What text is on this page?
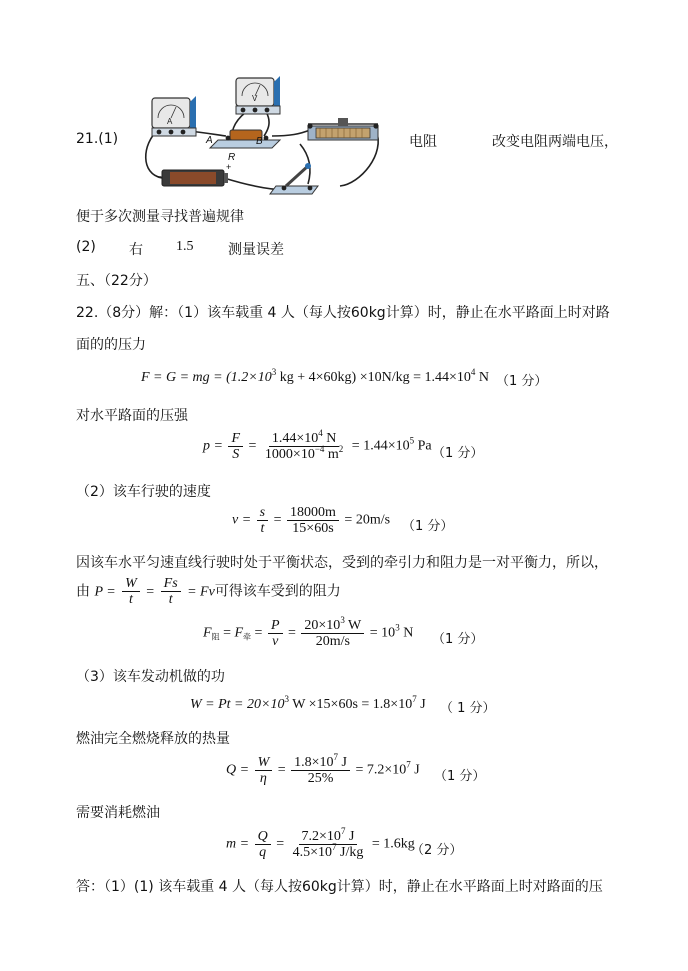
21.(1)
A
V
A	B
R
−
+
电阻	改变电阻两端电压，
便于多次测量寻找普遍规律
(2) 右 1.5 测量误差
五、（22分）
22.（8分）解：（1）该车载重 4 人（每人按60kg计算）时，静止在水平路面上时对路
面的的压力
F = G = mg = ($1.2\times 10^3$ kg + $4\times 60kg) \times 10N/kg = 1.44\times 10^4$ N （1 分）
对水平路面的压强
$p = \frac{F}{S} = \frac{1.44\times 10^4 N}{1000\times 10^{-4} m^2} = 1.44\times 10^5$ Pa （1 分）
（2）该车行驶的速度
$v = \frac{s}{t} = \frac{18000m}{15\times 60s} = 20m/s$ （1 分）
因该车水平匀速直线行驶时处于平衡状态，受到的牵引力和阻力是一对平衡力，所以，
由 $P = \frac{W}{t} = \frac{Fs}{t} = Fv$可得该车受到的阻力
$F_阻 = F_牵 = \frac{P}{v} = \frac{20\times 10^3 W}{20m/s} = 10^3$ N （1 分）
（3）该车发动机做的功
$W = Pt = 20\times 10^3$ $W \times 15\times 60s = 1.8\times 10^7$ J （ 1 分）
燃油完全燃烧释放的热量
$Q = \frac{W}{\eta} = \frac{1.8\times 10^7 J}{25\%} = 7.2\times 10^7$ J （1 分）
需要消耗燃油
$m = \frac{Q}{q} = \frac{7.2\times 10^7 J}{4.5\times 10^7 J/kg} = 1.6kg$
（2 分）
答：（1）(1) 该车载重 4 人（每人按60kg计算）时，静止在水平路面上时对路面的压
